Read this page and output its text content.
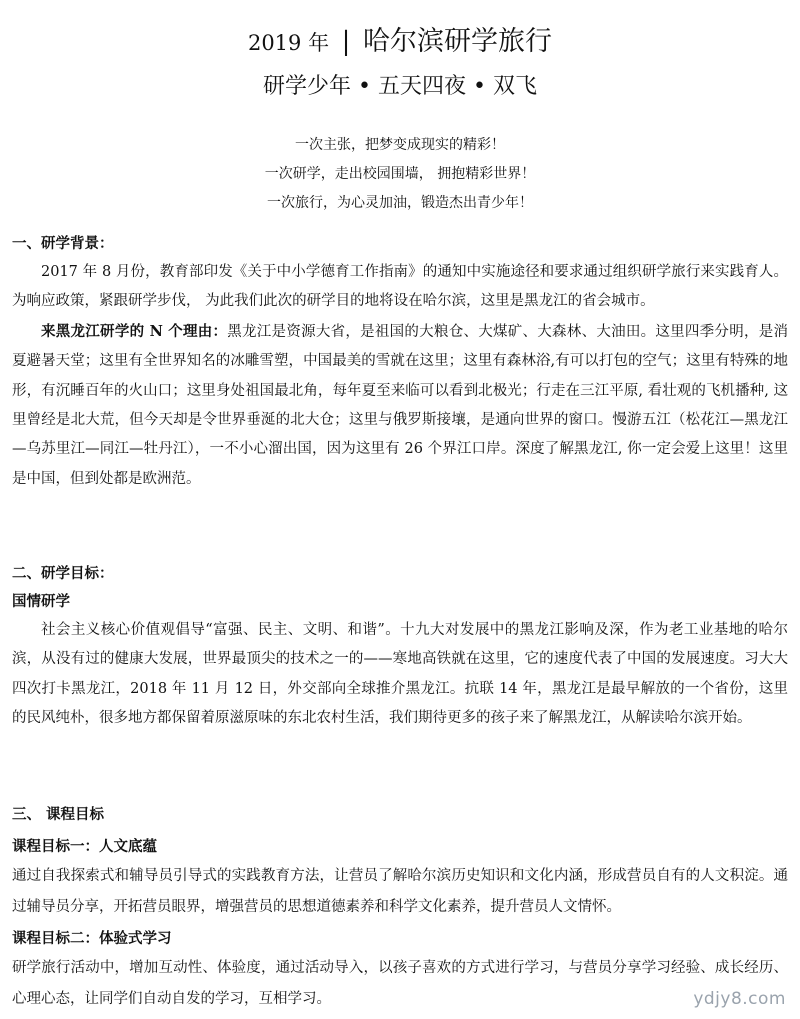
2019 年 | 哈尔滨研学旅行
研学少年 • 五天四夜 • 双飞
一次主张，把梦变成现实的精彩！
一次研学，走出校园围墙， 拥抱精彩世界！
一次旅行，为心灵加油，锻造杰出青少年！
一、研学背景：
2017 年 8 月份，教育部印发《关于中小学德育工作指南》的通知中实施途径和要求通过组织研学旅行来实践育人。为响应政策，紧跟研学步伐， 为此我们此次的研学目的地将设在哈尔滨，这里是黑龙江的省会城市。
来黑龙江研学的 N 个理由：黑龙江是资源大省，是祖国的大粮仓、大煤矿、大森林、大油田。这里四季分明，是消夏避暑天堂；这里有全世界知名的冰雕雪塑，中国最美的雪就在这里；这里有森林浴,有可以打包的空气；这里有特殊的地形，有沉睡百年的火山口；这里身处祖国最北角，每年夏至来临可以看到北极光；行走在三江平原, 看壮观的飞机播种, 这里曾经是北大荒，但今天却是令世界垂涎的北大仓；这里与俄罗斯接壤，是通向世界的窗口。慢游五江（松花江—黑龙江—乌苏里江—同江—牡丹江），一不小心溜出国，因为这里有 26 个界江口岸。深度了解黑龙江, 你一定会爱上这里！这里是中国，但到处都是欧洲范。
二、研学目标：
国情研学
社会主义核心价值观倡导“富强、民主、文明、和谐”。十九大对发展中的黑龙江影响及深，作为老工业基地的哈尔滨，从没有过的健康大发展，世界最顶尖的技术之一的——寒地高铁就在这里，它的速度代表了中国的发展速度。习大大四次打卡黑龙江，2018 年 11 月 12 日，外交部向全球推介黑龙江。抗联 14 年，黑龙江是最早解放的一个省份，这里的民风纯朴，很多地方都保留着原滋原味的东北农村生活，我们期待更多的孩子来了解黑龙江，从解读哈尔滨开始。
三、 课程目标
课程目标一：人文底蕴
通过自我探索式和辅导员引导式的实践教育方法，让营员了解哈尔滨历史知识和文化内涵，形成营员自有的人文积淀。通过辅导员分享，开拓营员眼界，增强营员的思想道德素养和科学文化素养，提升营员人文情怀。
课程目标二：体验式学习
研学旅行活动中，增加互动性、体验度，通过活动导入，以孩子喜欢的方式进行学习，与营员分享学习经验、成长经历、心理心态，让同学们自动自发的学习，互相学习。	ydjy8.com
